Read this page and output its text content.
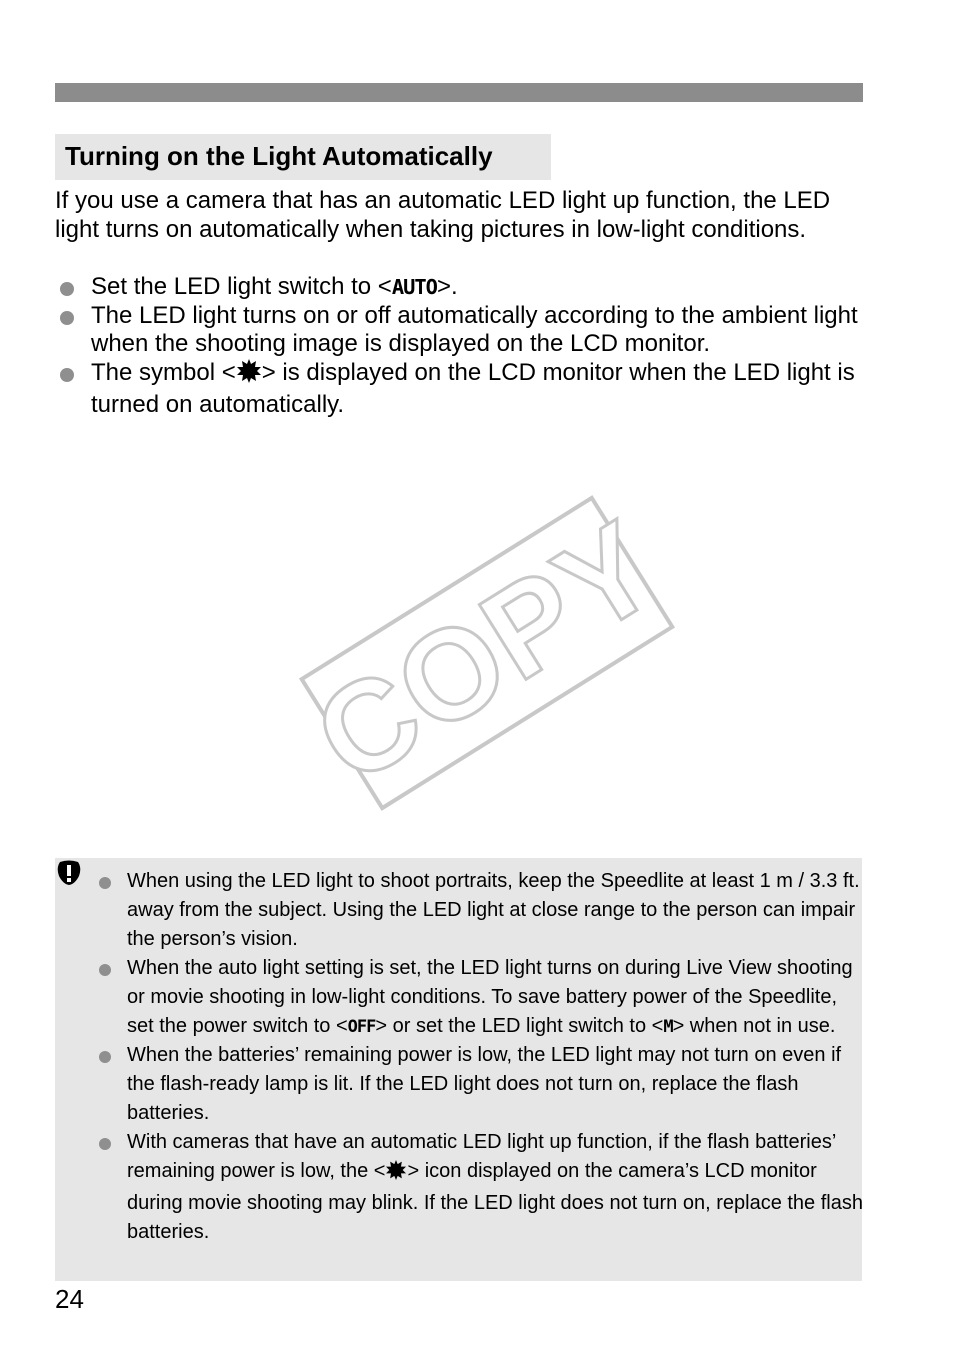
Turning on the Light Automatically

If you use a camera that has an automatic LED light up function, the LED light turns on automatically when taking pictures in low-light conditions.

Set the LED light switch to <AUTO>.
The LED light turns on or off automatically according to the ambient light when the shooting image is displayed on the LCD monitor.
The symbol < > is displayed on the LCD monitor when the LED light is turned on automatically.
COPY
When using the LED light to shoot portraits, keep the Speedlite at least 1 m / 3.3 ft. away from the subject. Using the LED light at close range to the person can impair the person’s vision.
When the auto light setting is set, the LED light turns on during Live View shooting or movie shooting in low-light conditions. To save battery power of the Speedlite, set the power switch to <OFF> or set the LED light switch to <M> when not in use.
When the batteries’ remaining power is low, the LED light may not turn on even if the flash-ready lamp is lit. If the LED light does not turn on, replace the flash batteries.
With cameras that have an automatic LED light up function, if the flash batteries’ remaining power is low, the < > icon displayed on the camera’s LCD monitor during movie shooting may blink. If the LED light does not turn on, replace the flash batteries.
24
